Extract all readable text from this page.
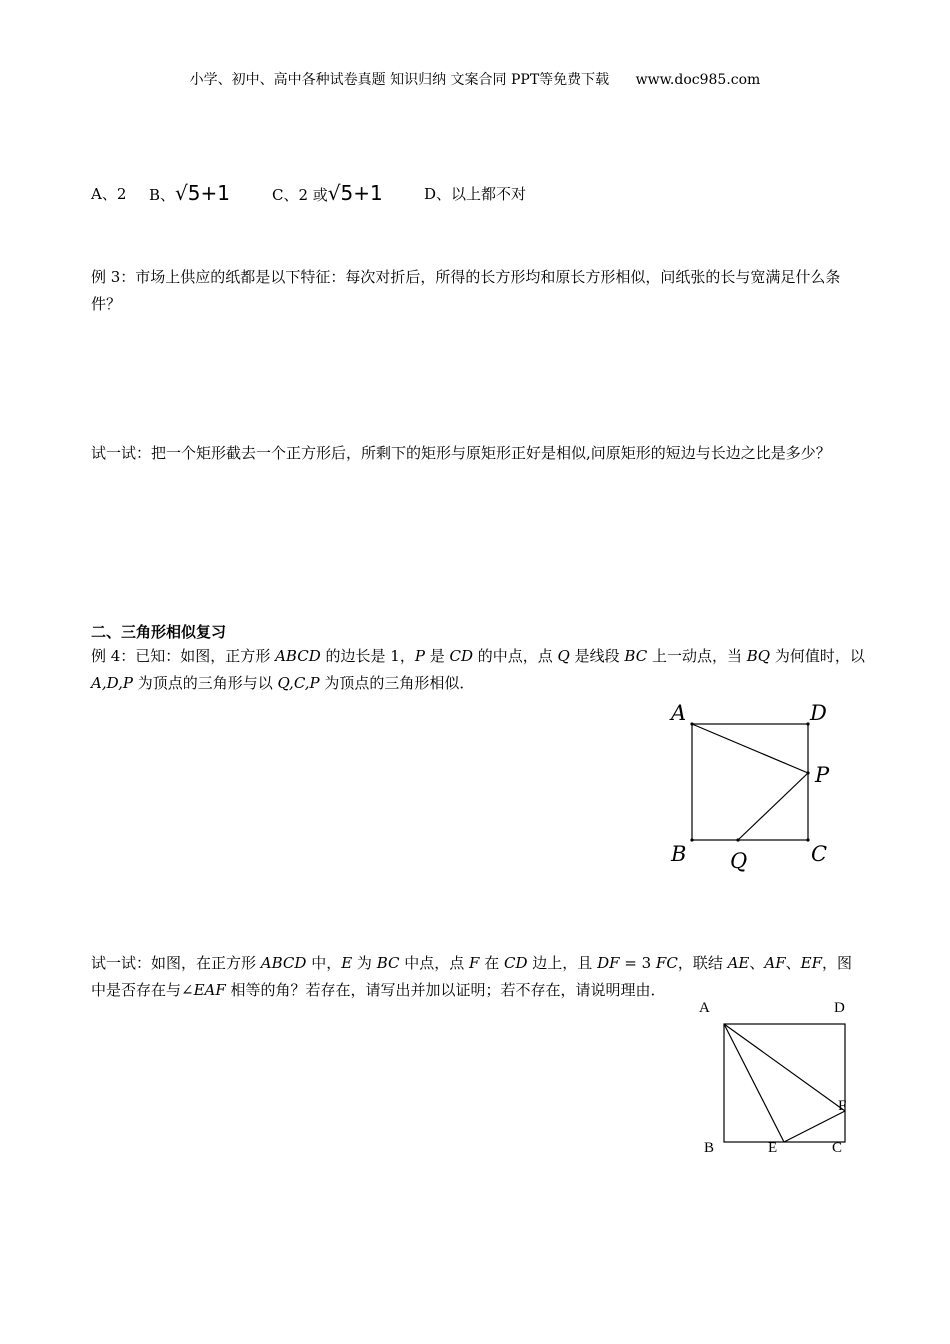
小学、初中、高中各种试卷真题 知识归纳 文案合同 PPT等免费下载 www.doc985.com
A、2 B、√5+1	C、2 或√5+1	D、以上都不对
例 3：市场上供应的纸都是以下特征：每次对折后，所得的长方形均和原长方形相似，问纸张的长与宽满足什么条件？
试一试：把一个矩形截去一个正方形后，所剩下的矩形与原矩形正好是相似,问原矩形的短边与长边之比是多少？
二、三角形相似复习
例 4：已知：如图，正方形 ABCD 的边长是 1，P 是 CD 的中点，点 Q 是线段 BC 上一动点，当 BQ 为何值时，以 A,D,P 为顶点的三角形与以 Q,C,P 为顶点的三角形相似．
试一试：如图，在正方形 ABCD 中，E 为 BC 中点，点 F 在 CD 边上，且 DF = 3 FC，联结 AE、AF、EF，图中是否存在与∠EAF 相等的角？若存在，请写出并加以证明；若不存在，请说明理由．
A	D
P
B Q	C
A	D
F
B	E	C
